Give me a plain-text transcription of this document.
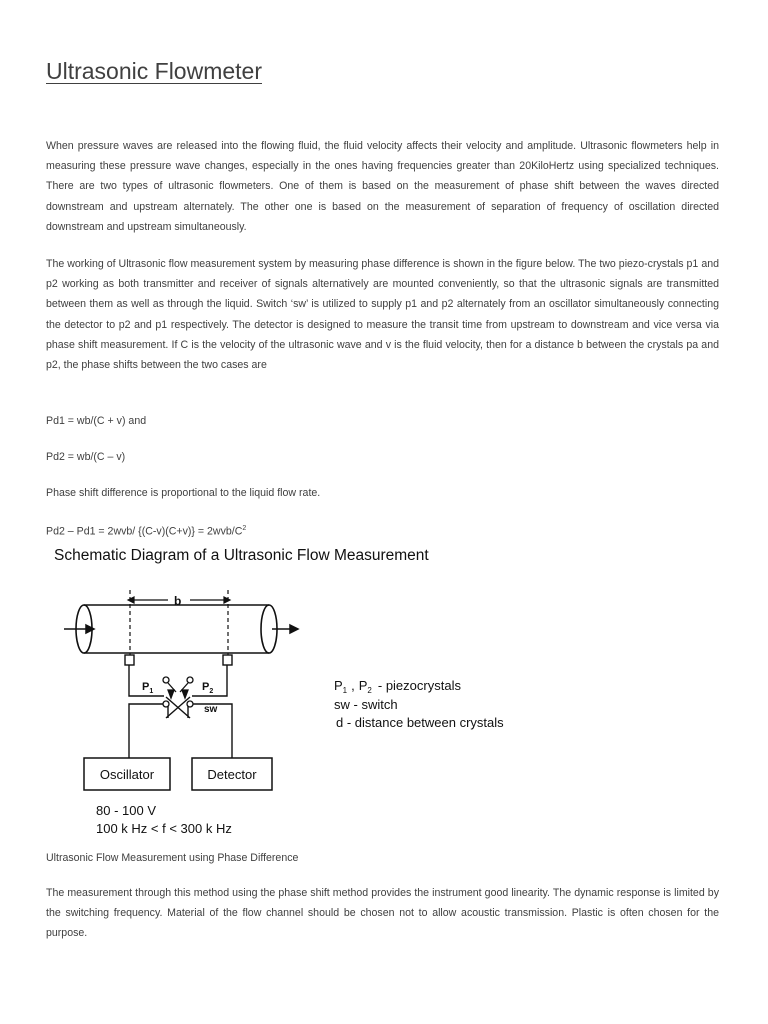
Ultrasonic Flowmeter

When pressure waves are released into the flowing fluid, the fluid velocity affects their velocity and amplitude. Ultrasonic flowmeters help in measuring these pressure wave changes, especially in the ones having frequencies greater than 20KiloHertz using specialized techniques. There are two types of ultrasonic flowmeters. One of them is based on the measurement of phase shift between the waves directed downstream and upstream alternately. The other one is based on the measurement of separation of frequency of oscillation directed downstream and upstream simultaneously.

The working of Ultrasonic flow measurement system by measuring phase difference is shown in the figure below. The two piezo-crystals p1 and p2 working as both transmitter and receiver of signals alternatively are mounted conveniently, so that the ultrasonic signals are transmitted between them as well as through the liquid. Switch ‘sw’ is utilized to supply p1 and p2 alternately from an oscillator simultaneously connecting the detector to p2 and p1 respectively. The detector is designed to measure the transit time from upstream to downstream and vice versa via phase shift measurement. If C is the velocity of the ultrasonic wave and v is the fluid velocity, then for a distance b between the crystals pa and p2, the phase shifts between the two cases are

Pd1 = wb/(C + v) and

Pd2 = wb/(C – v)

Phase shift difference is proportional to the liquid flow rate.

Pd2 – Pd1 = 2wvb/ $\{(C-v)(C+v)\} = 2wvb/C^2$

Schematic Diagram of a Ultrasonic Flow Measurement
b
$P_1$	$P_2$
sw
Oscillator	Detector
$P_1$ , $P_2$ - piezocrystals
sw - switch
d - distance between crystals
80 - 100 V
100 k Hz < f < 300 k Hz

Ultrasonic Flow Measurement using Phase Difference

The measurement through this method using the phase shift method provides the instrument good linearity. The dynamic response is limited by the switching frequency. Material of the flow channel should be chosen not to allow acoustic transmission. Plastic is often chosen for the purpose.
